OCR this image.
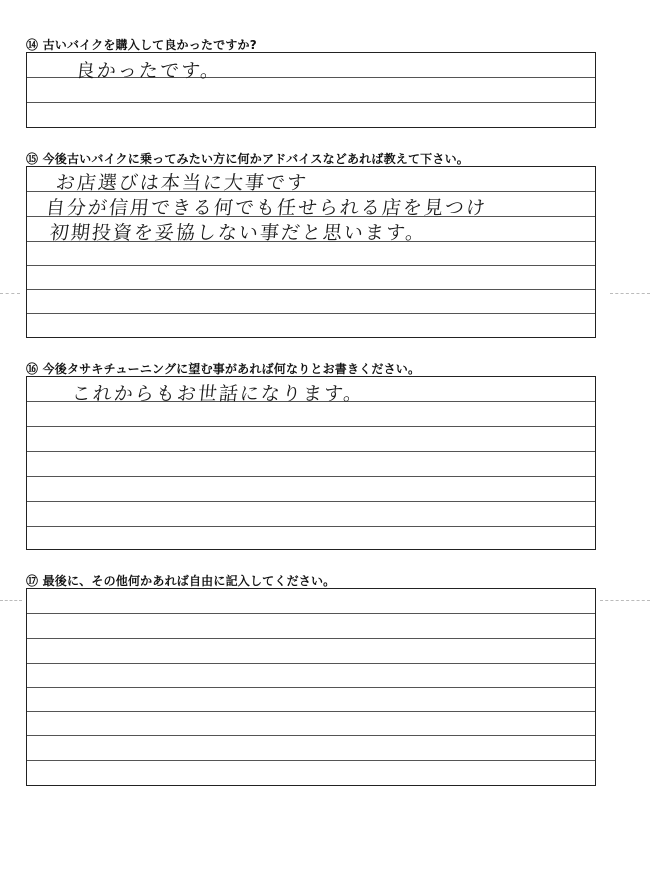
⑭ 古いバイクを購入して良かったですか?
良かったです。
⑮ 今後古いバイクに乗ってみたい方に何かアドバイスなどあれば教えて下さい。
お店選びは本当に大事です
自分が信用できる何でも任せられる店を見つけ
初期投資を妥協しない事だと思います。
⑯ 今後タサキチューニングに望む事があれば何なりとお書きください。
これからもお世話になります。
⑰ 最後に、その他何かあれば自由に記入してください。
